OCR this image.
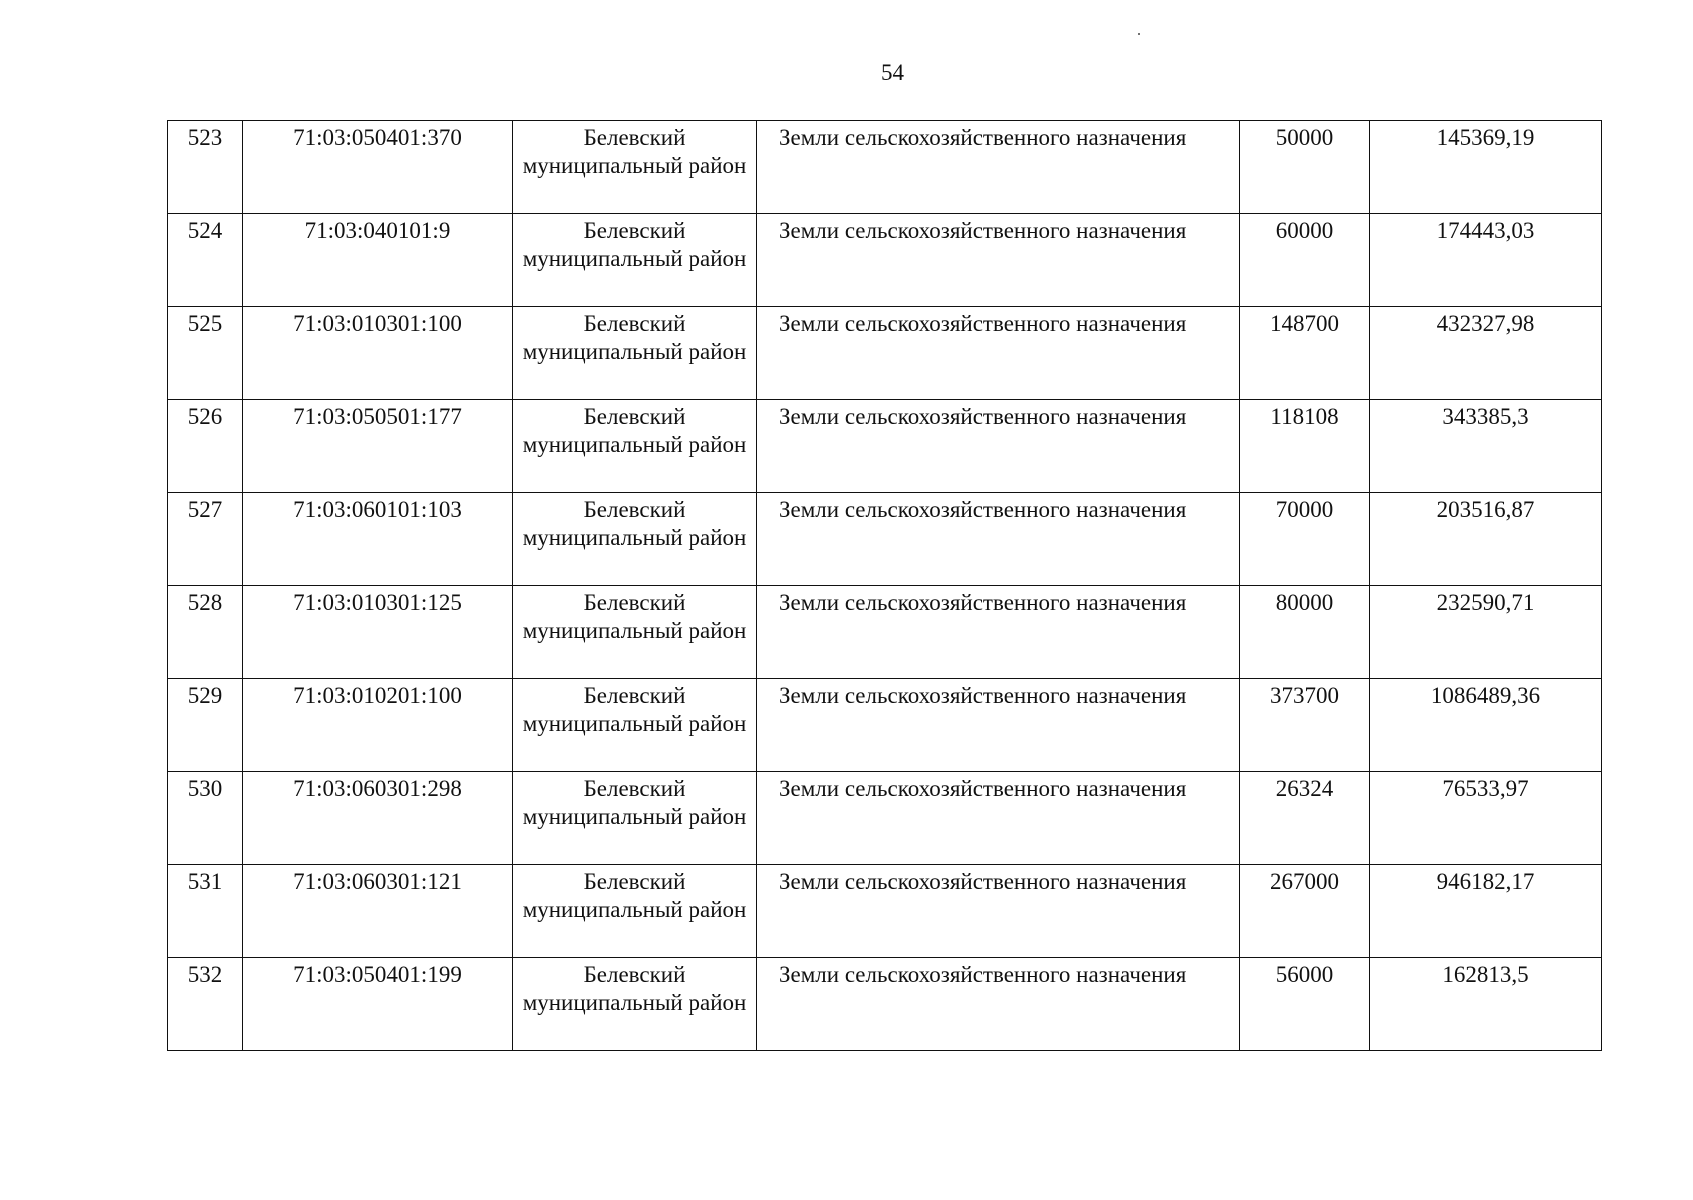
54
523	71:03:050401:370	Белевский муниципальный район	Земли сельскохозяйственного назначения	50000	145369,19
524	71:03:040101:9	Белевский муниципальный район	Земли сельскохозяйственного назначения	60000	174443,03
525	71:03:010301:100	Белевский муниципальный район	Земли сельскохозяйственного назначения	148700	432327,98
526	71:03:050501:177	Белевский муниципальный район	Земли сельскохозяйственного назначения	118108	343385,3
527	71:03:060101:103	Белевский муниципальный район	Земли сельскохозяйственного назначения	70000	203516,87
528	71:03:010301:125	Белевский муниципальный район	Земли сельскохозяйственного назначения	80000	232590,71
529	71:03:010201:100	Белевский муниципальный район	Земли сельскохозяйственного назначения	373700	1086489,36
530	71:03:060301:298	Белевский муниципальный район	Земли сельскохозяйственного назначения	26324	76533,97
531	71:03:060301:121	Белевский муниципальный район	Земли сельскохозяйственного назначения	267000	946182,17
532	71:03:050401:199	Белевский муниципальный район	Земли сельскохозяйственного назначения	56000	162813,5
